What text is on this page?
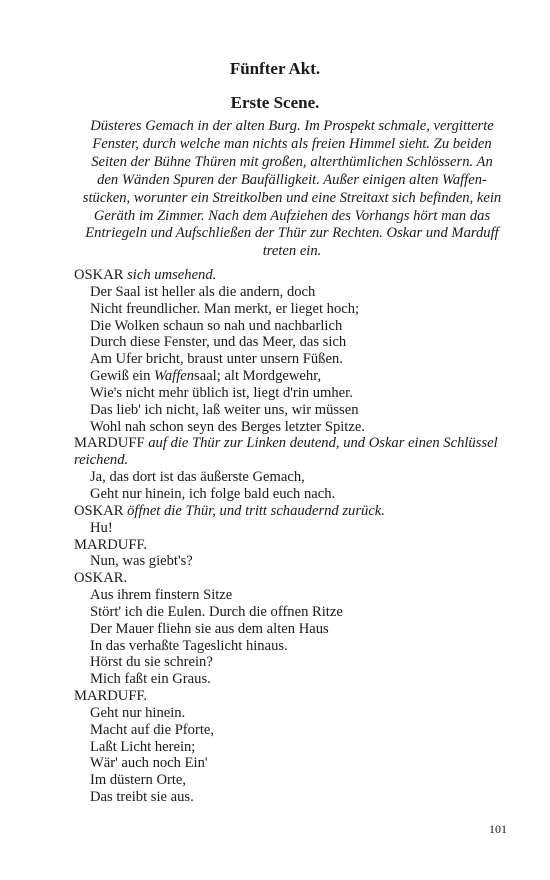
Fünfter Akt.
Erste Scene.
Düsteres Gemach in der alten Burg. Im Prospekt schmale, vergitterte
Fenster, durch welche man nichts als freien Himmel sieht. Zu beiden
Seiten der Bühne Thüren mit großen, alterthümlichen Schlössern. An
den Wänden Spuren der Baufälligkeit. Außer einigen alten Waffen-
stücken, worunter ein Streitkolben und eine Streitaxt sich befinden, kein
Geräth im Zimmer. Nach dem Aufziehen des Vorhangs hört man das
Entriegeln und Aufschließen der Thür zur Rechten. Oskar und Marduff
treten ein.
OSKAR sich umsehend.
Der Saal ist heller als die andern, doch
Nicht freundlicher. Man merkt, er lieget hoch;
Die Wolken schaun so nah und nachbarlich
Durch diese Fenster, und das Meer, das sich
Am Ufer bricht, braust unter unsern Füßen.
Gewiß ein Waffensaal; alt Mordgewehr,
Wie's nicht mehr üblich ist, liegt d'rin umher.
Das lieb' ich nicht, laß weiter uns, wir müssen
Wohl nah schon seyn des Berges letzter Spitze.
MARDUFF auf die Thür zur Linken deutend, und Oskar einen Schlüssel
reichend.
Ja, das dort ist das äußerste Gemach,
Geht nur hinein, ich folge bald euch nach.
OSKAR öffnet die Thür, und tritt schaudernd zurück.
Hu!
MARDUFF.
Nun, was giebt's?
OSKAR.
Aus ihrem finstern Sitze
Stört' ich die Eulen. Durch die offnen Ritze
Der Mauer fliehn sie aus dem alten Haus
In das verhaßte Tageslicht hinaus.
Hörst du sie schrein?
Mich faßt ein Graus.
MARDUFF.
Geht nur hinein.
Macht auf die Pforte,
Laßt Licht herein;
Wär' auch noch Ein'
Im düstern Orte,
Das treibt sie aus.
101
